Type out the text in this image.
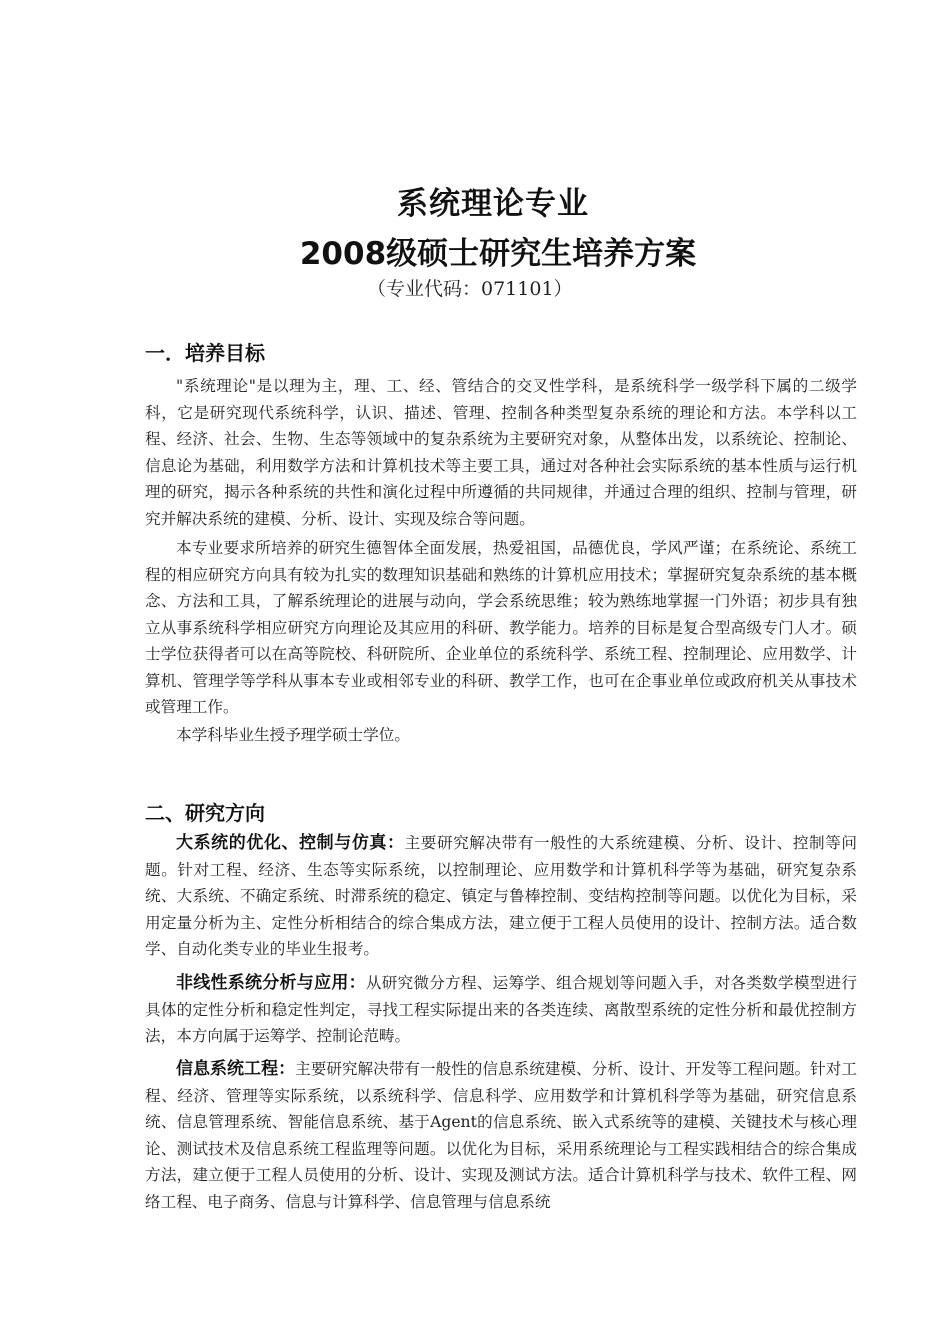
系统理论专业
2008级硕士研究生培养方案
（专业代码：071101）
一．培养目标
"系统理论"是以理为主，理、工、经、管结合的交叉性学科，是系统科学一级学科下属的二级学科，它是研究现代系统科学，认识、描述、管理、控制各种类型复杂系统的理论和方法。本学科以工程、经济、社会、生物、生态等领域中的复杂系统为主要研究对象，从整体出发，以系统论、控制论、信息论为基础，利用数学方法和计算机技术等主要工具，通过对各种社会实际系统的基本性质与运行机理的研究，揭示各种系统的共性和演化过程中所遵循的共同规律，并通过合理的组织、控制与管理，研究并解决系统的建模、分析、设计、实现及综合等问题。
本专业要求所培养的研究生德智体全面发展，热爱祖国，品德优良，学风严谨；在系统论、系统工程的相应研究方向具有较为扎实的数理知识基础和熟练的计算机应用技术；掌握研究复杂系统的基本概念、方法和工具，了解系统理论的进展与动向，学会系统思维；较为熟练地掌握一门外语；初步具有独立从事系统科学相应研究方向理论及其应用的科研、教学能力。培养的目标是复合型高级专门人才。硕士学位获得者可以在高等院校、科研院所、企业单位的系统科学、系统工程、控制理论、应用数学、计算机、管理学等学科从事本专业或相邻专业的科研、教学工作，也可在企事业单位或政府机关从事技术或管理工作。
本学科毕业生授予理学硕士学位。
二、研究方向
大系统的优化、控制与仿真：主要研究解决带有一般性的大系统建模、分析、设计、控制等问题。针对工程、经济、生态等实际系统，以控制理论、应用数学和计算机科学等为基础，研究复杂系统、大系统、不确定系统、时滞系统的稳定、镇定与鲁棒控制、变结构控制等问题。以优化为目标，采用定量分析为主、定性分析相结合的综合集成方法，建立便于工程人员使用的设计、控制方法。适合数学、自动化类专业的毕业生报考。
非线性系统分析与应用：从研究微分方程、运筹学、组合规划等问题入手，对各类数学模型进行具体的定性分析和稳定性判定，寻找工程实际提出来的各类连续、离散型系统的定性分析和最优控制方法，本方向属于运筹学、控制论范畴。
信息系统工程：主要研究解决带有一般性的信息系统建模、分析、设计、开发等工程问题。针对工程、经济、管理等实际系统，以系统科学、信息科学、应用数学和计算机科学等为基础，研究信息系统、信息管理系统、智能信息系统、基于Agent的信息系统、嵌入式系统等的建模、关键技术与核心理论、测试技术及信息系统工程监理等问题。以优化为目标，采用系统理论与工程实践相结合的综合集成方法，建立便于工程人员使用的分析、设计、实现及测试方法。适合计算机科学与技术、软件工程、网络工程、电子商务、信息与计算科学、信息管理与信息系统
